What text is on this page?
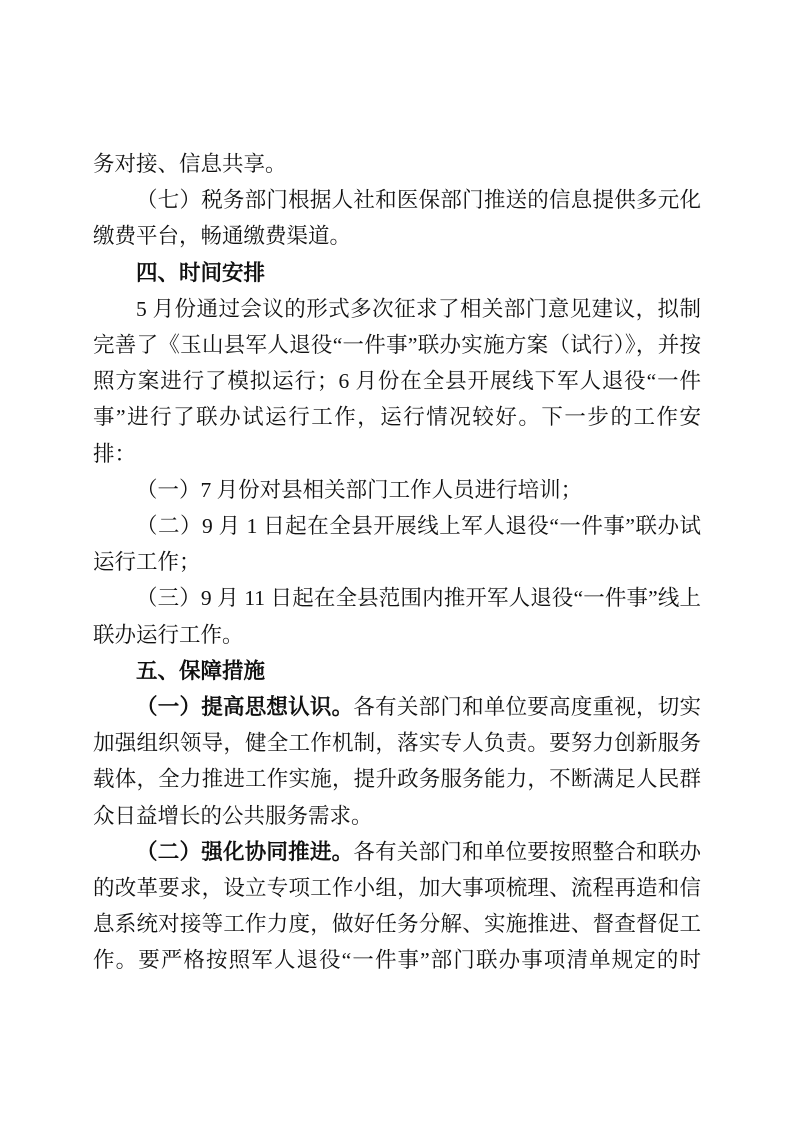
务对接、信息共享。

（七）税务部门根据人社和医保部门推送的信息提供多元化缴费平台，畅通缴费渠道。

四、时间安排

5 月份通过会议的形式多次征求了相关部门意见建议，拟制完善了《玉山县军人退役“一件事”联办实施方案（试行）》，并按照方案进行了模拟运行；6 月份在全县开展线下军人退役“一件事”进行了联办试运行工作，运行情况较好。下一步的工作安排：

（一）7 月份对县相关部门工作人员进行培训；

（二）9 月 1 日起在全县开展线上军人退役“一件事”联办试运行工作；

（三）9 月 11 日起在全县范围内推开军人退役“一件事”线上联办运行工作。

五、保障措施

（一）提高思想认识。各有关部门和单位要高度重视，切实加强组织领导，健全工作机制，落实专人负责。要努力创新服务载体，全力推进工作实施，提升政务服务能力，不断满足人民群众日益增长的公共服务需求。

（二）强化协同推进。各有关部门和单位要按照整合和联办的改革要求，设立专项工作小组，加大事项梳理、流程再造和信息系统对接等工作力度，做好任务分解、实施推进、督查督促工作。要严格按照军人退役“一件事”部门联办事项清单规定的时
